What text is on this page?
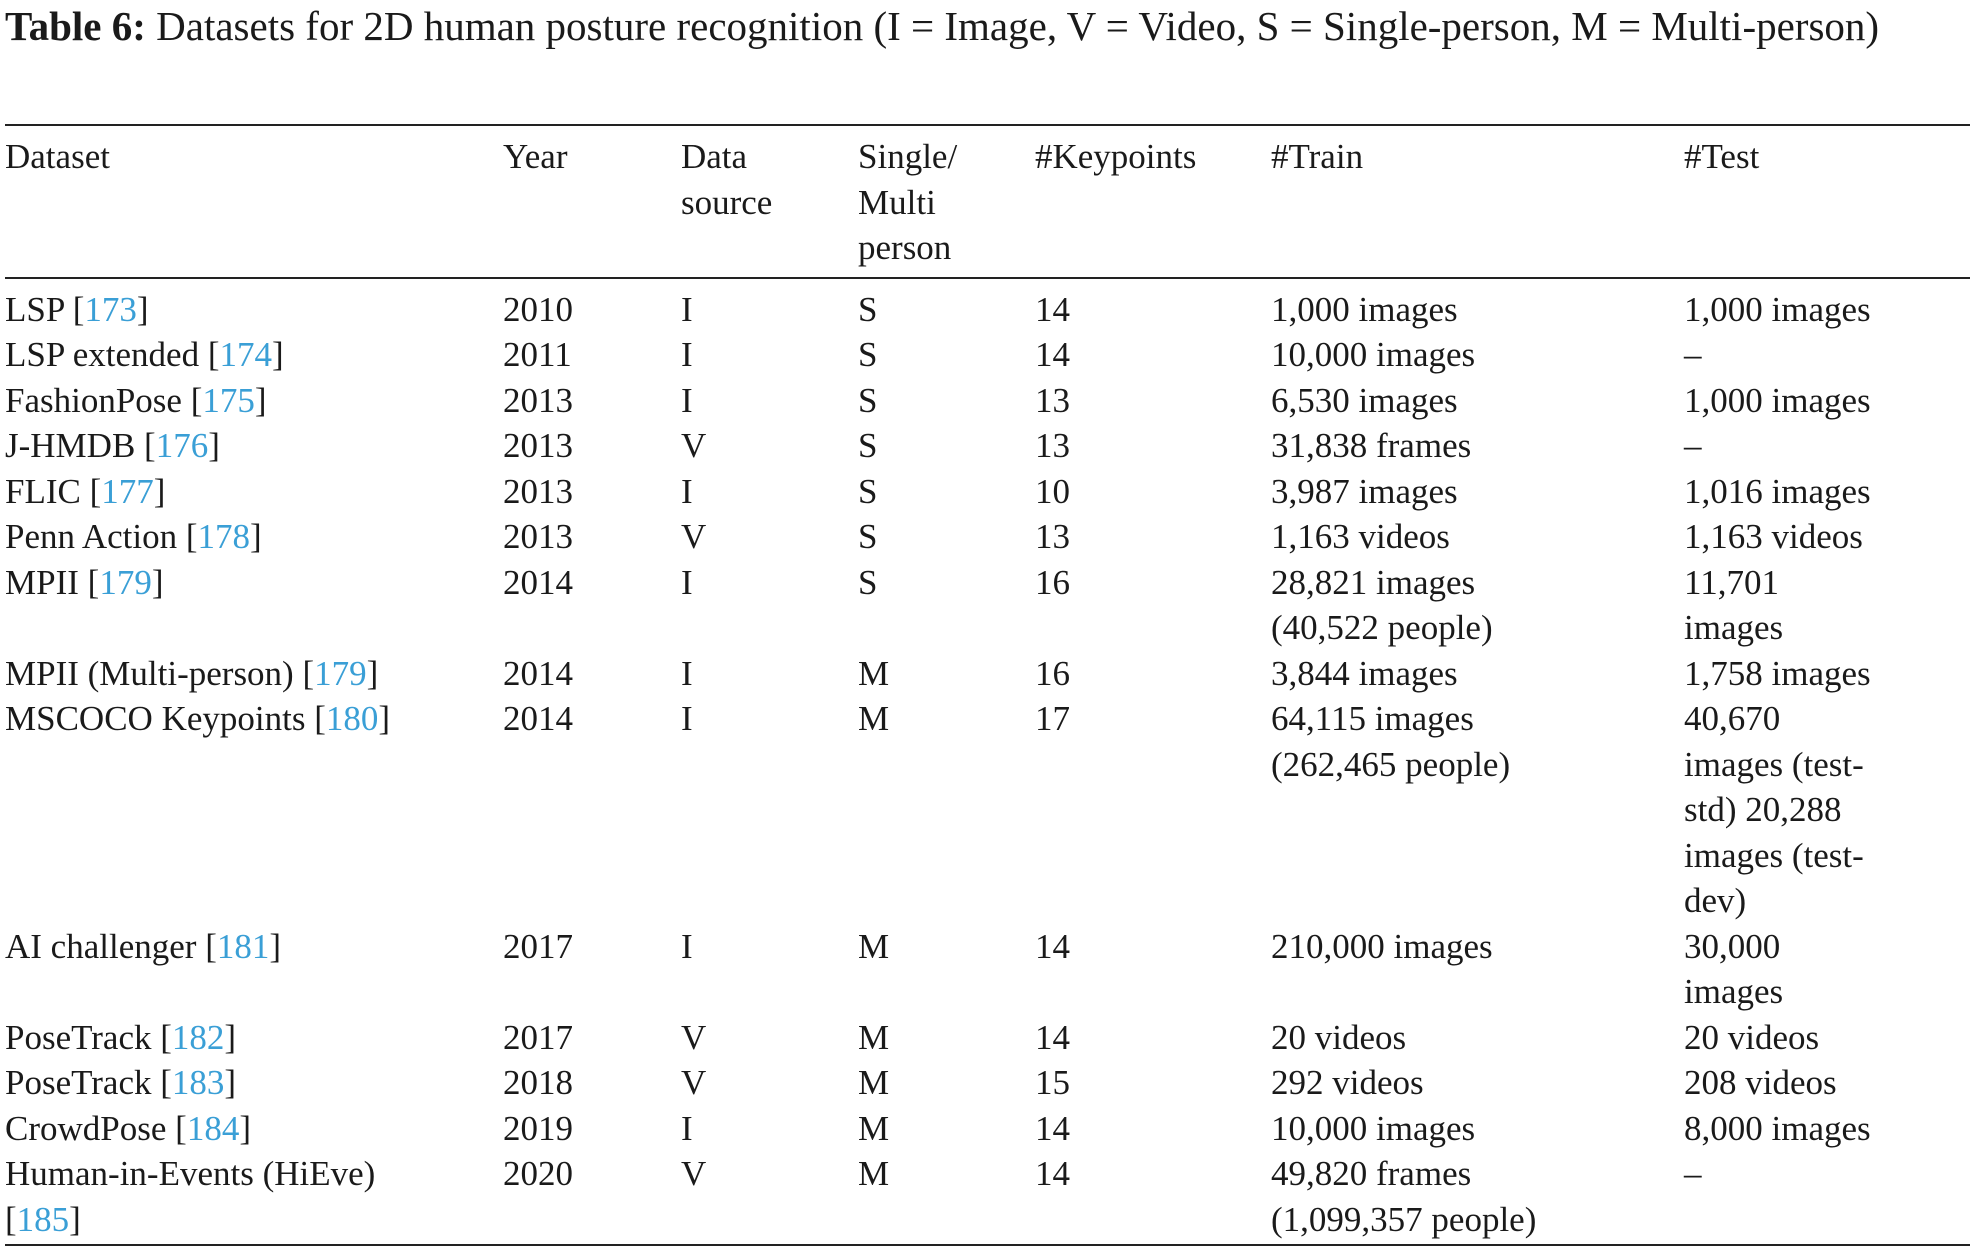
Table 6: Datasets for 2D human posture recognition (I = Image, V = Video, S = Single-person, M = Multi-person)

Dataset	Year	Data source	Single/ Multi person	#Keypoints	#Train	#Test
LSP [173]	2010	I	S	14	1,000 images	1,000 images
LSP extended [174]	2011	I	S	14	10,000 images	–
FashionPose [175]	2013	I	S	13	6,530 images	1,000 images
J-HMDB [176]	2013	V	S	13	31,838 frames	–
FLIC [177]	2013	I	S	10	3,987 images	1,016 images
Penn Action [178]	2013	V	S	13	1,163 videos	1,163 videos
MPII [179]	2014	I	S	16	28,821 images (40,522 people)	11,701 images
MPII (Multi-person) [179]	2014	I	M	16	3,844 images	1,758 images
MSCOCO Keypoints [180]	2014	I	M	17	64,115 images (262,465 people)	40,670 images (test-std) 20,288 images (test-dev)
AI challenger [181]	2017	I	M	14	210,000 images	30,000 images
PoseTrack [182]	2017	V	M	14	20 videos	20 videos
PoseTrack [183]	2018	V	M	15	292 videos	208 videos
CrowdPose [184]	2019	I	M	14	10,000 images	8,000 images
Human-in-Events (HiEve) [185]	2020	V	M	14	49,820 frames (1,099,357 people)	–
